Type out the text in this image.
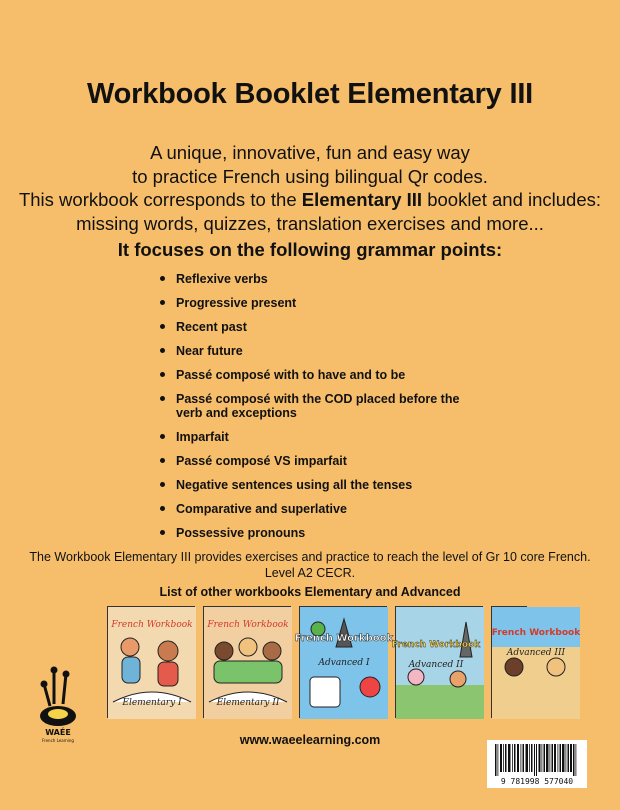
Workbook Booklet Elementary III
A unique, innovative, fun and easy way
to practice French using bilingual Qr codes.
This workbook corresponds to the Elementary III booklet and includes:
missing words, quizzes, translation exercises and more...
It focuses on the following grammar points:
Reflexive verbs
Progressive present
Recent past
Near future
Passé composé with to have and to be
Passé composé with the COD placed before the verb and exceptions
Imparfait
Passé composé VS imparfait
Negative sentences using all the tenses
Comparative and superlative
Possessive pronouns
The Workbook Elementary III provides exercises and practice to reach the level of Gr 10 core French.
Level A2 CECR.
List of other workbooks Elementary and Advanced
French Workbook
Elementary I
French Workbook
Elementary II
French Workbook
Advanced I
French Workbook
Advanced II
French Workbook
Advanced III
WAÉE
French Learning	www.waeelearning.com
9 781998 577040
